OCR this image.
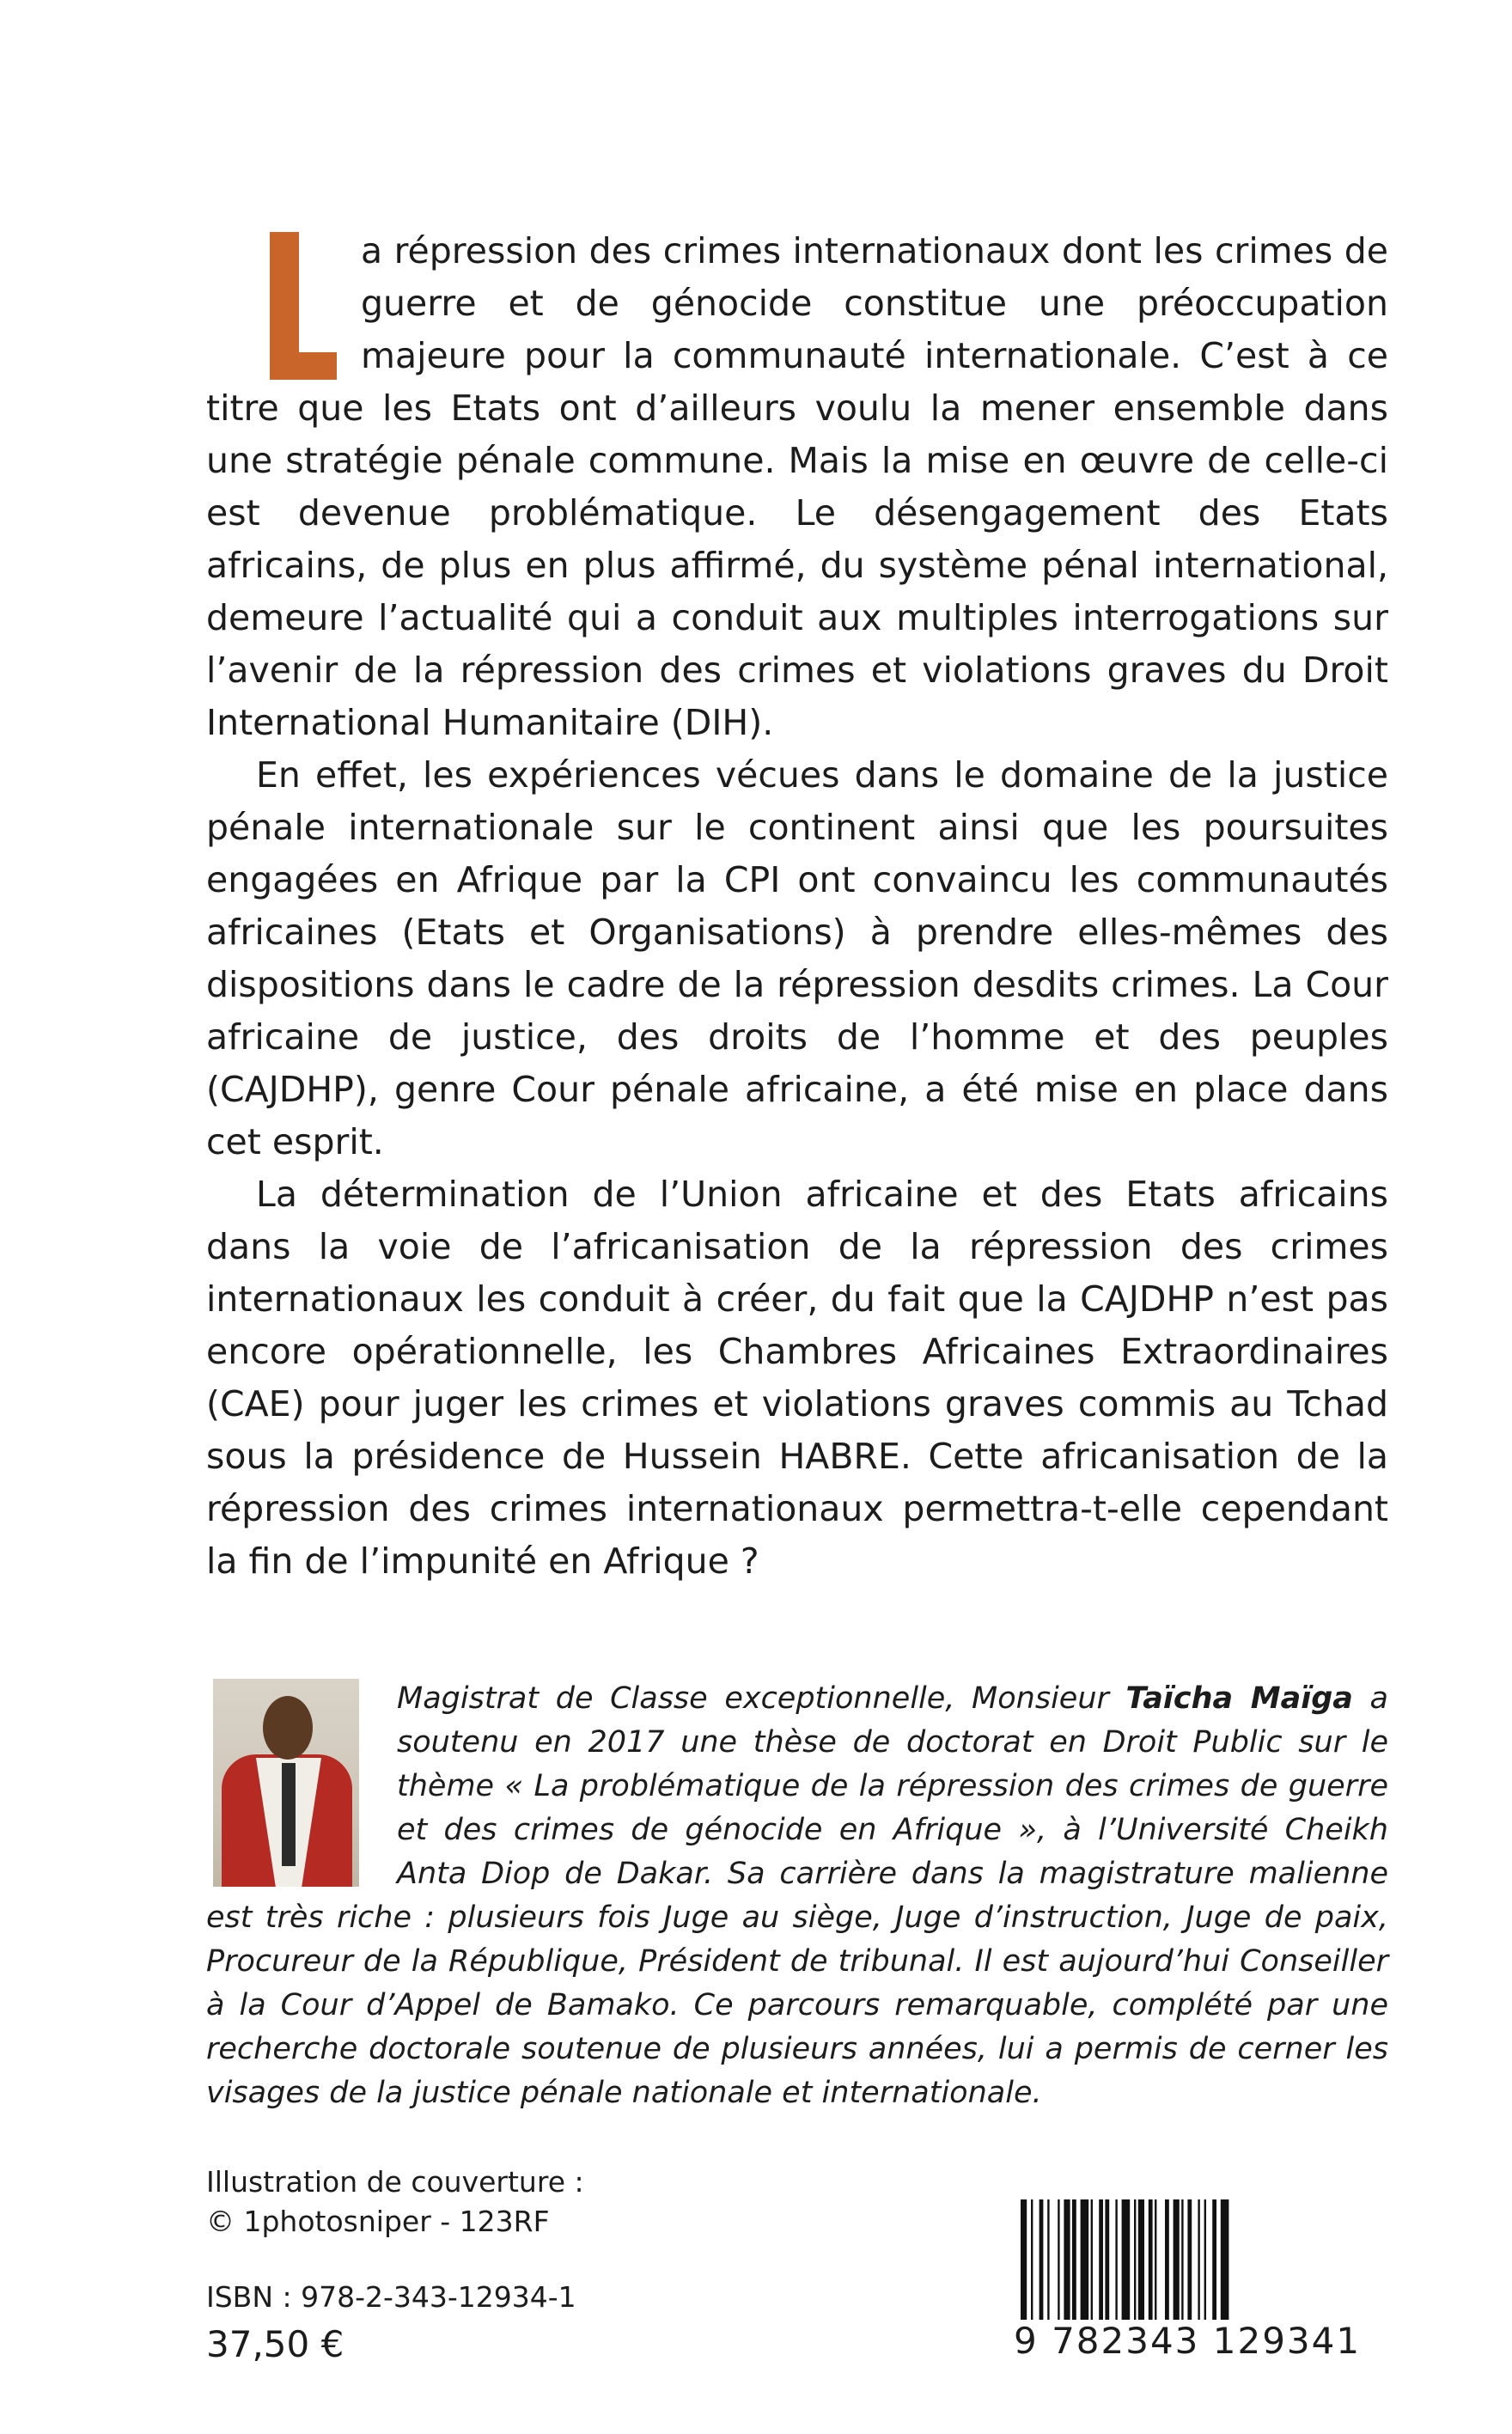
a répression des crimes internationaux dont les crimes de guerre et de génocide constitue une préoccupation majeure pour la communauté internationale. C’est à ce titre que les Etats ont d’ailleurs voulu la mener ensemble dans une stratégie pénale commune. Mais la mise en œuvre de celle-ci est devenue problématique. Le désengagement des Etats africains, de plus en plus affirmé, du système pénal international, demeure l’actualité qui a conduit aux multiples interrogations sur l’avenir de la répression des crimes et violations graves du Droit International Humanitaire (DIH).

En effet, les expériences vécues dans le domaine de la justice pénale internationale sur le continent ainsi que les poursuites engagées en Afrique par la CPI ont convaincu les communautés africaines (Etats et Organisations) à prendre elles-mêmes des dispositions dans le cadre de la répression desdits crimes. La Cour africaine de justice, des droits de l’homme et des peuples (CAJDHP), genre Cour pénale africaine, a été mise en place dans cet esprit.

La détermination de l’Union africaine et des Etats africains dans la voie de l’africanisation de la répression des crimes internationaux les conduit à créer, du fait que la CAJDHP n’est pas encore opérationnelle, les Chambres Africaines Extraordinaires (CAE) pour juger les crimes et violations graves commis au Tchad sous la présidence de Hussein HABRE. Cette africanisation de la répression des crimes internationaux permettra-t-elle cependant la fin de l’impunité en Afrique ?

Magistrat de Classe exceptionnelle, Monsieur Taïcha Maïga a soutenu en 2017 une thèse de doctorat en Droit Public sur le thème « La problématique de la répression des crimes de guerre et des crimes de génocide en Afrique », à l’Université Cheikh Anta Diop de Dakar. Sa carrière dans la magistrature malienne est très riche : plusieurs fois Juge au siège, Juge d’instruction, Juge de paix, Procureur de la République, Président de tribunal. Il est aujourd’hui Conseiller à la Cour d’Appel de Bamako. Ce parcours remarquable, complété par une recherche doctorale soutenue de plusieurs années, lui a permis de cerner les visages de la justice pénale nationale et internationale.
Illustration de couverture :
© 1photosniper - 123RF
ISBN : 978-2-343-12934-1
37,50 €	9 782343 129341
